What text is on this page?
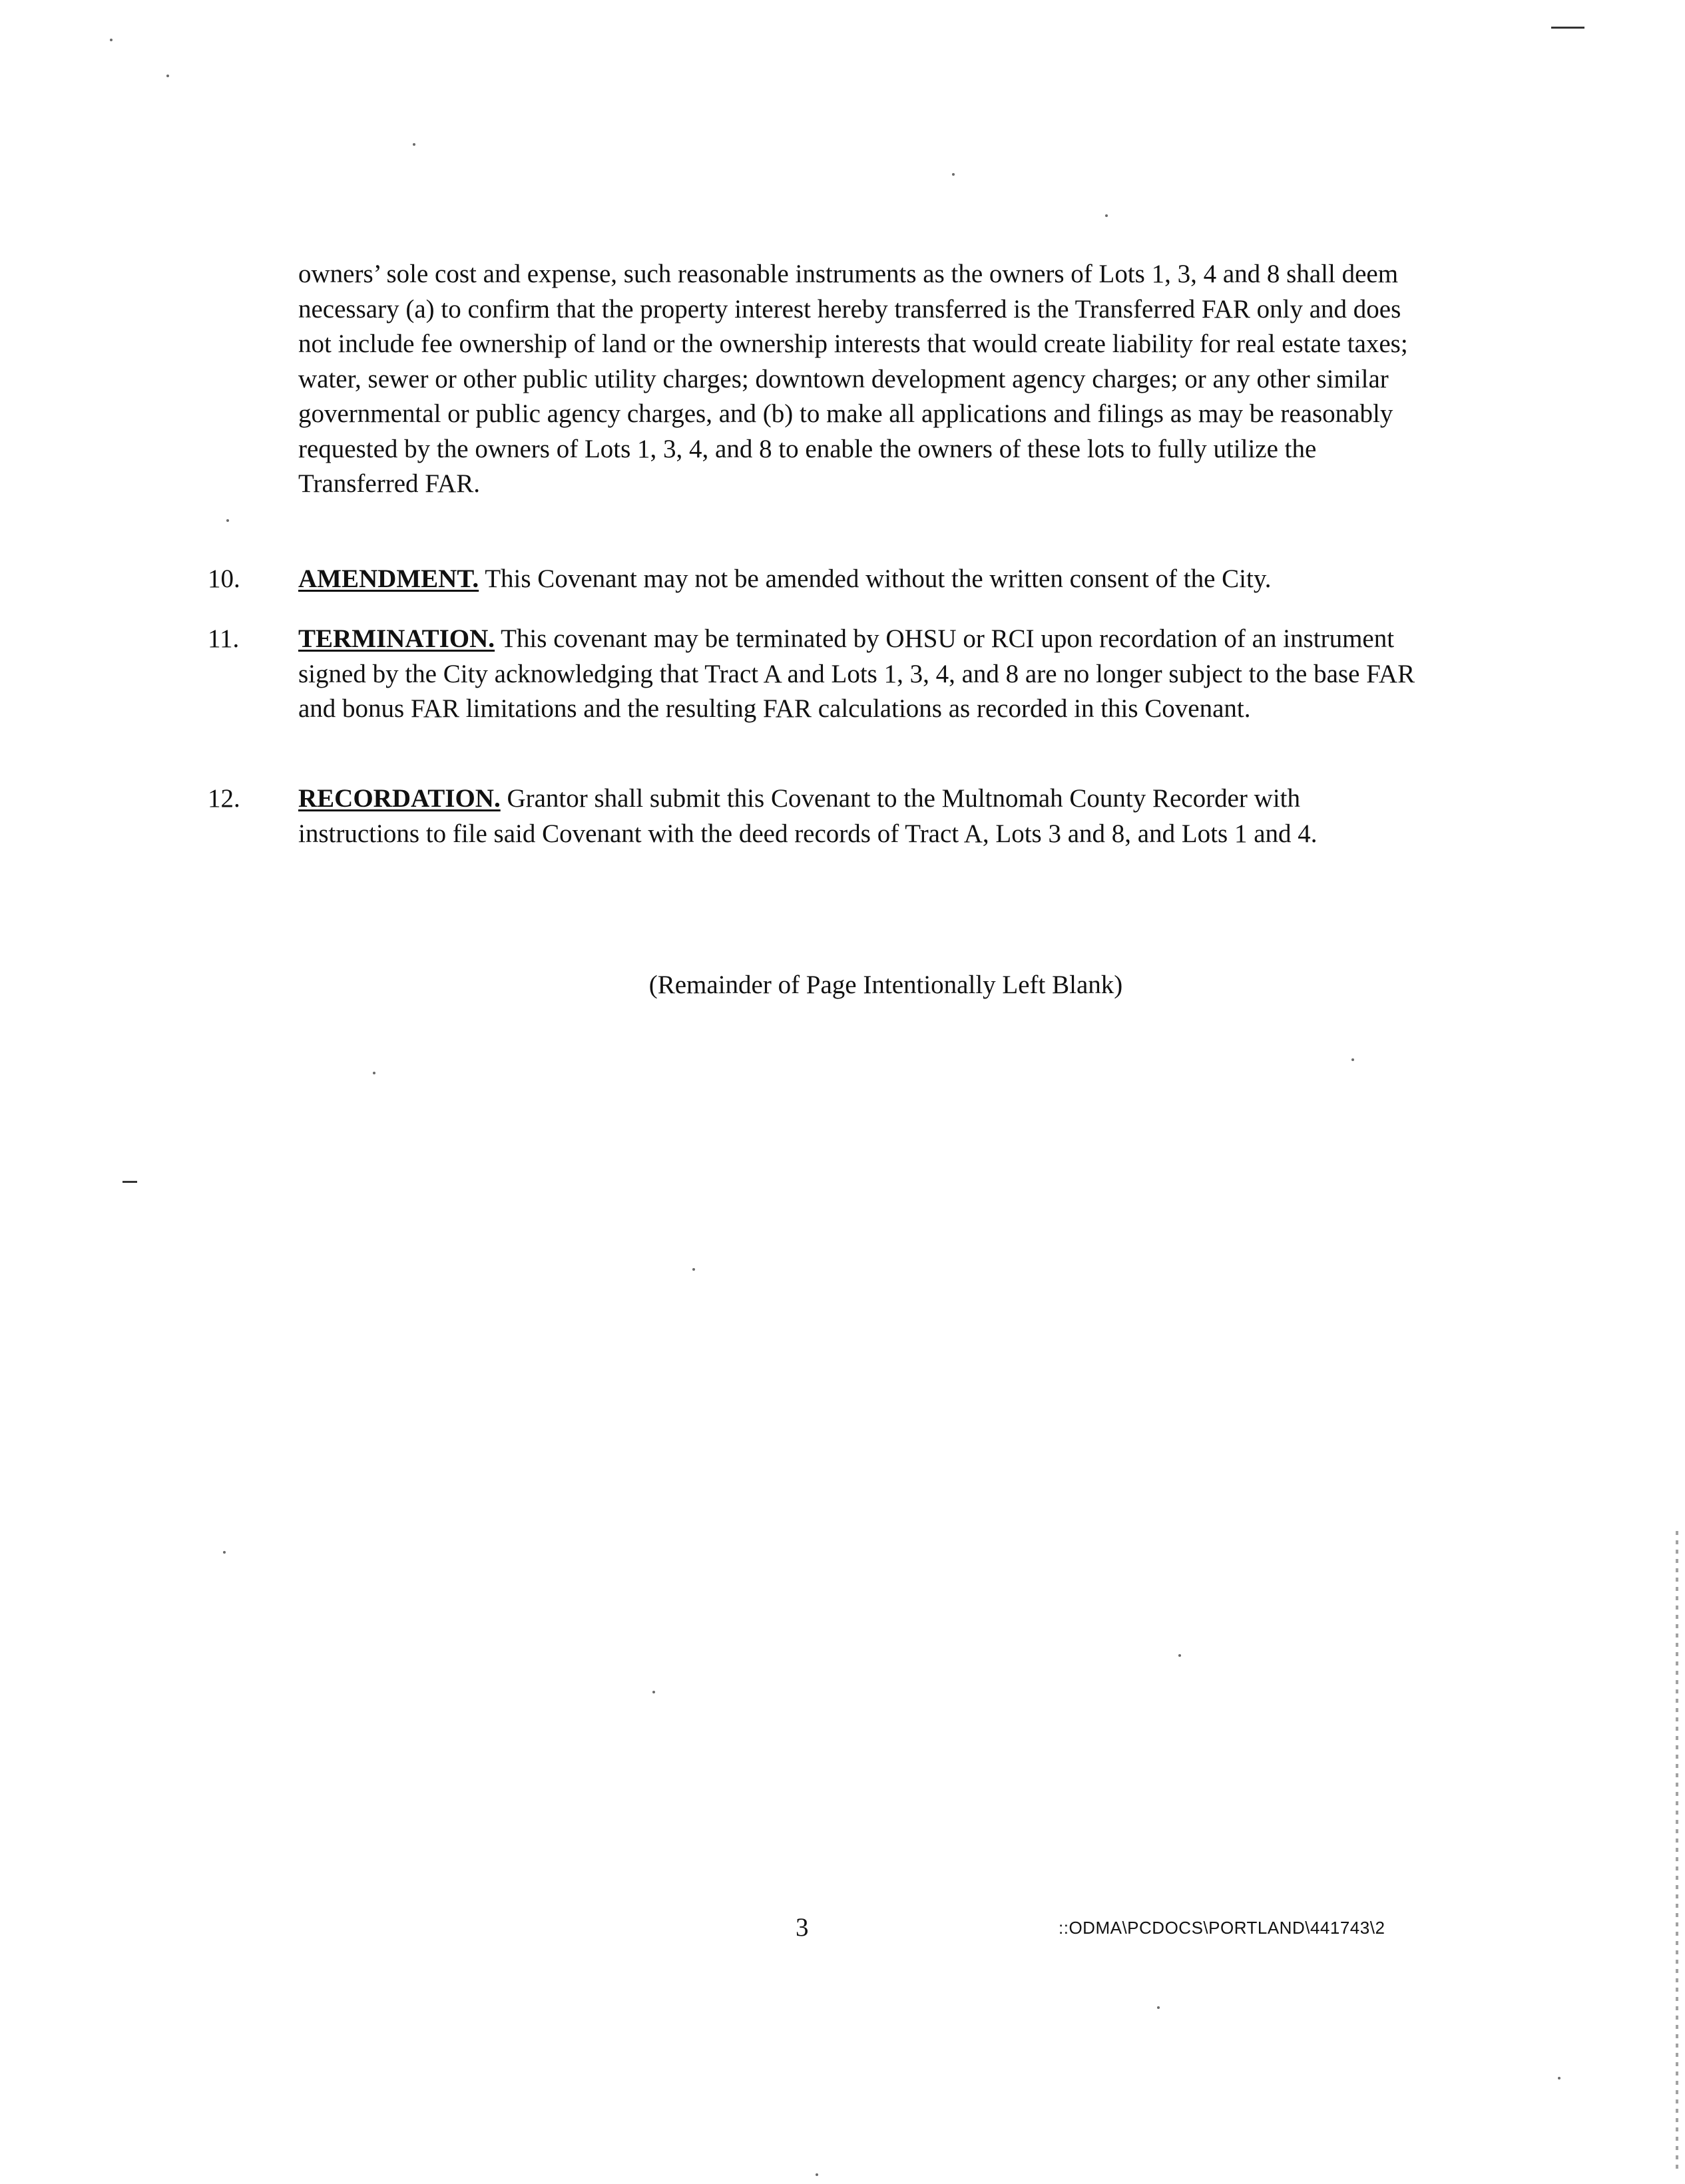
owners’ sole cost and expense, such reasonable instruments as the owners of Lots 1, 3, 4 and 8 shall deem necessary (a) to confirm that the property interest hereby transferred is the Transferred FAR only and does not include fee ownership of land or the ownership interests that would create liability for real estate taxes; water, sewer or other public utility charges; downtown development agency charges; or any other similar governmental or public agency charges, and (b) to make all applications and filings as may be reasonably requested by the owners of Lots 1, 3, 4, and 8 to enable the owners of these lots to fully utilize the Transferred FAR.

10. AMENDMENT. This Covenant may not be amended without the written consent of the City.

11. TERMINATION. This covenant may be terminated by OHSU or RCI upon recordation of an instrument signed by the City acknowledging that Tract A and Lots 1, 3, 4, and 8 are no longer subject to the base FAR and bonus FAR limitations and the resulting FAR calculations as recorded in this Covenant.

12. RECORDATION. Grantor shall submit this Covenant to the Multnomah County Recorder with instructions to file said Covenant with the deed records of Tract A, Lots 3 and 8, and Lots 1 and 4.

(Remainder of Page Intentionally Left Blank)
3	::ODMA\PCDOCS\PORTLAND\441743\2
